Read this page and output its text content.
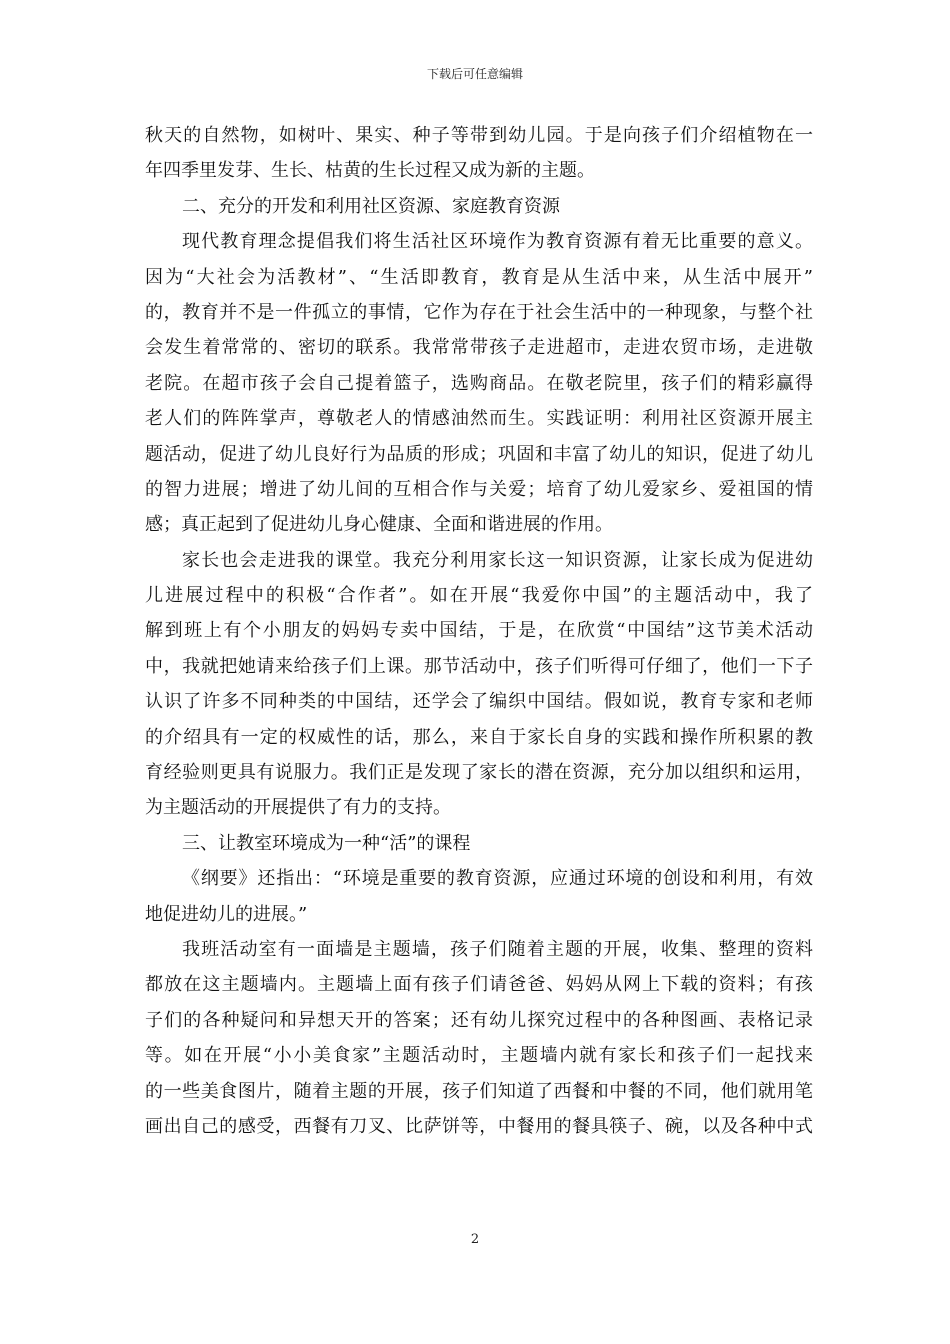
下载后可任意编辑
秋天的自然物，如树叶、果实、种子等带到幼儿园。于是向孩子们介绍植物在一
年四季里发芽、生长、枯黄的生长过程又成为新的主题。
二、充分的开发和利用社区资源、家庭教育资源
现代教育理念提倡我们将生活社区环境作为教育资源有着无比重要的意义。
因为“大社会为活教材”、“生活即教育，教育是从生活中来，从生活中展开”
的，教育并不是一件孤立的事情，它作为存在于社会生活中的一种现象，与整个社
会发生着常常的、密切的联系。我常常带孩子走进超市，走进农贸市场，走进敬
老院。在超市孩子会自己提着篮子，选购商品。在敬老院里，孩子们的精彩赢得
老人们的阵阵掌声，尊敬老人的情感油然而生。实践证明：利用社区资源开展主
题活动，促进了幼儿良好行为品质的形成；巩固和丰富了幼儿的知识，促进了幼儿
的智力进展；增进了幼儿间的互相合作与关爱；培育了幼儿爱家乡、爱祖国的情
感；真正起到了促进幼儿身心健康、全面和谐进展的作用。
家长也会走进我的课堂。我充分利用家长这一知识资源，让家长成为促进幼
儿进展过程中的积极“合作者”。如在开展“我爱你中国”的主题活动中，我了
解到班上有个小朋友的妈妈专卖中国结，于是，在欣赏“中国结”这节美术活动
中，我就把她请来给孩子们上课。那节活动中，孩子们听得可仔细了，他们一下子
认识了许多不同种类的中国结，还学会了编织中国结。假如说，教育专家和老师
的介绍具有一定的权威性的话，那么，来自于家长自身的实践和操作所积累的教
育经验则更具有说服力。我们正是发现了家长的潜在资源，充分加以组织和运用，
为主题活动的开展提供了有力的支持。
三、让教室环境成为一种“活”的课程
《纲要》还指出：“环境是重要的教育资源，应通过环境的创设和利用，有效
地促进幼儿的进展。”
我班活动室有一面墙是主题墙，孩子们随着主题的开展，收集、整理的资料
都放在这主题墙内。主题墙上面有孩子们请爸爸、妈妈从网上下载的资料；有孩
子们的各种疑问和异想天开的答案；还有幼儿探究过程中的各种图画、表格记录
等。如在开展“小小美食家”主题活动时，主题墙内就有家长和孩子们一起找来
的一些美食图片，随着主题的开展，孩子们知道了西餐和中餐的不同，他们就用笔
画出自己的感受，西餐有刀叉、比萨饼等，中餐用的餐具筷子、碗，以及各种中式
2
